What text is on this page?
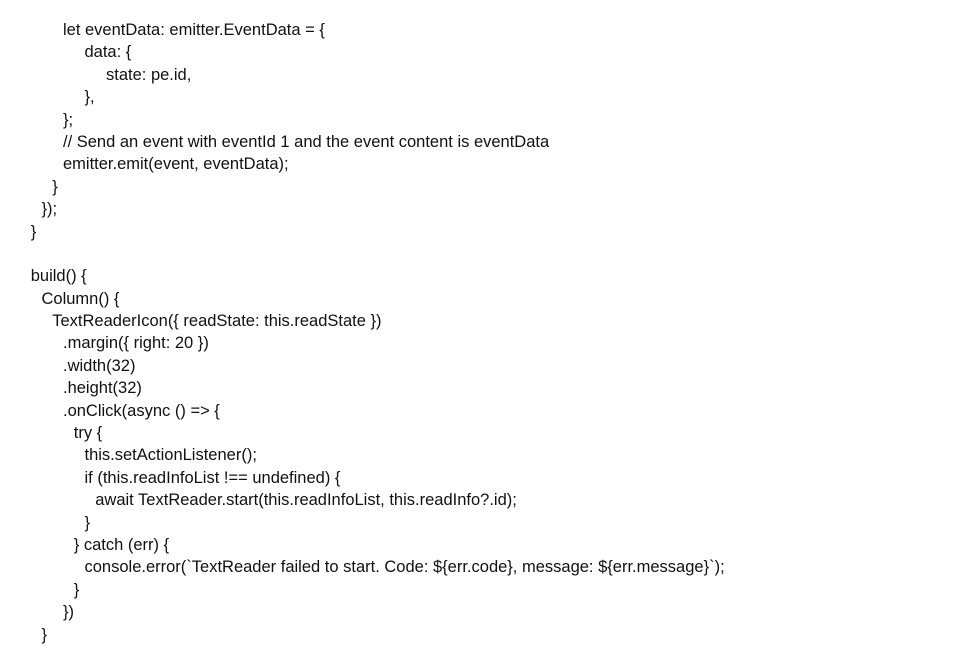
let eventData: emitter.EventData = {
data: {
state: pe.id,
},
};
// Send an event with eventId 1 and the event content is eventData
emitter.emit(event, eventData);
}
});
}
build() {
Column() {
TextReaderIcon({ readState: this.readState })
.margin({ right: 20 })
.width(32)
.height(32)
.onClick(async () => {
try {
this.setActionListener();
if (this.readInfoList !== undefined) {
await TextReader.start(this.readInfoList, this.readInfo?.id);
}
} catch (err) {
console.error(`TextReader failed to start. Code: ${err.code}, message: ${err.message}`);
}
})
}
